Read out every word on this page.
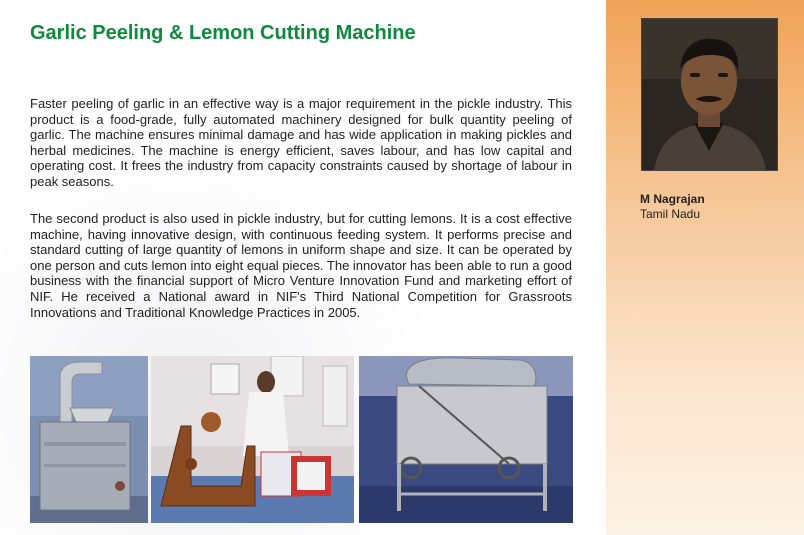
Garlic Peeling & Lemon Cutting Machine

Faster peeling of garlic in an effective way is a major requirement in the pickle industry. This product is a food-grade, fully automated machinery designed for bulk quantity peeling of garlic. The machine ensures minimal damage and has wide application in making pickles and herbal medicines. The machine is energy efficient, saves labour, and has low capital and operating cost. It frees the industry from capacity constraints caused by shortage of labour in peak seasons.

The second product is also used in pickle industry, but for cutting lemons. It is a cost effective machine, having innovative design, with continuous feeding system. It performs precise and standard cutting of large quantity of lemons in uniform shape and size. It can be operated by one person and cuts lemon into eight equal pieces. The innovator has been able to run a good business with the financial support of Micro Venture Innovation Fund and marketing effort of NIF. He received a National award in NIF's Third National Competition for Grassroots Innovations and Traditional Knowledge Practices in 2005.

M Nagrajan
Tamil Nadu
